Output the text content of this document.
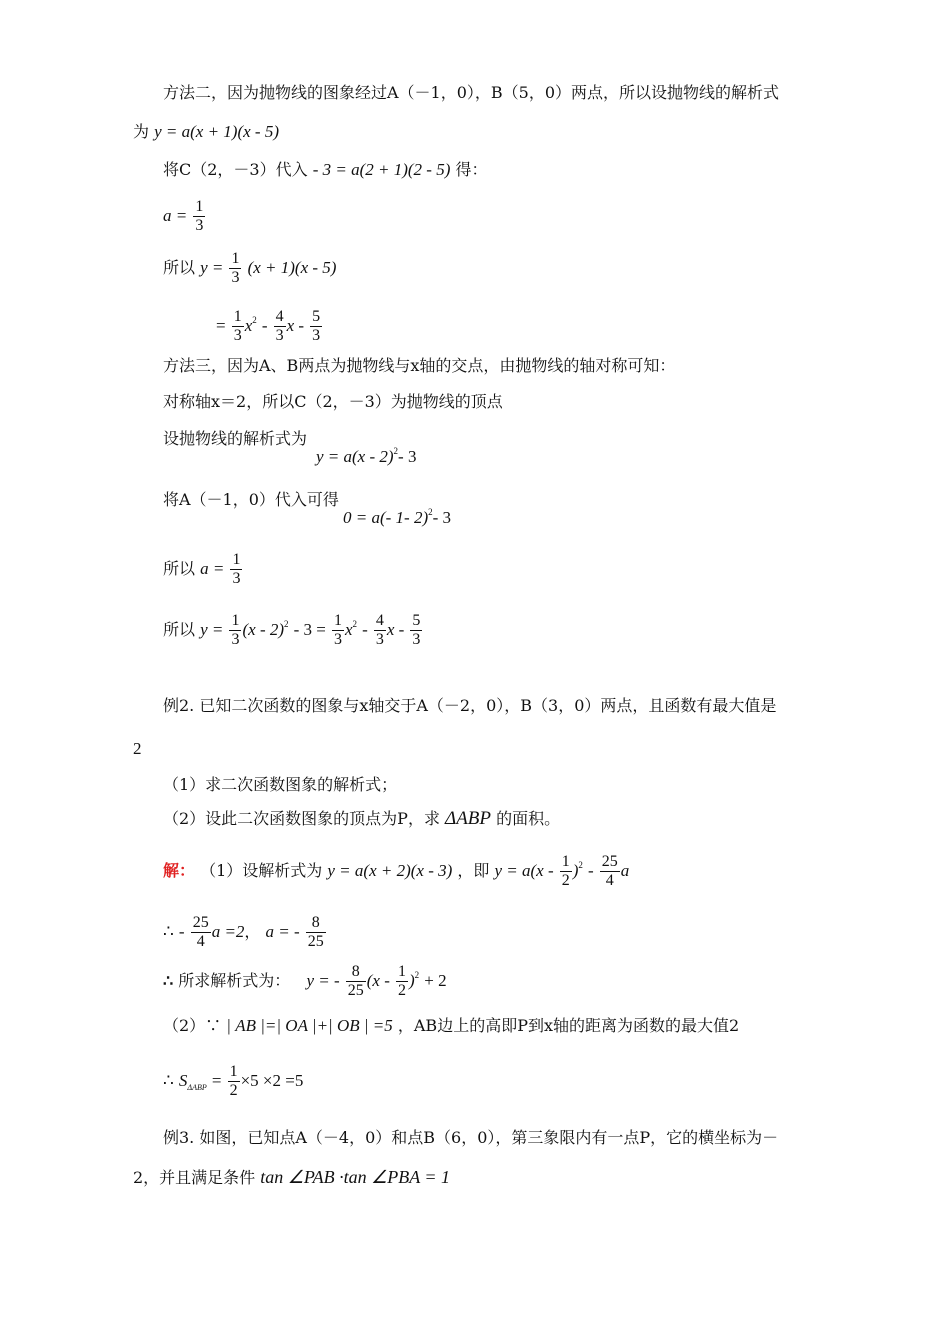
方法二，因为抛物线的图象经过A（－1，0），B（5，0）两点，所以设抛物线的解析式
为 y = a(x + 1)(x - 5)
将C（2，－3）代入 - 3 = a(2 + 1)(2 - 5) 得：
$a = \frac{1}{3}$
所以 $y = \frac{1}{3} (x + 1)(x - 5)$
= $\frac{1}{3} x^2 - \frac{4}{3}$ x - $\frac{5}{3}$
方法三，因为A、B两点为抛物线与x轴的交点，由抛物线的轴对称可知：
对称轴x＝2，所以C（2，－3）为抛物线的顶点
设抛物线的解析式为
y = a(x - 2)$^2$- 3
将A（－1，0）代入可得
0 = a(- 1- 2)$^2$- 3
所以 $a = \frac{1}{3}$
所以 $y = \frac{1}{3} (x - 2)^2 - 3 = \frac{1}{3} x^2 - \frac{4}{3}$ x - $\frac{5}{3}$
例2. 已知二次函数的图象与x轴交于A（－2，0），B（3，0）两点，且函数有最大值是
2
（1）求二次函数图象的解析式；
（2）设此二次函数图象的顶点为P，求 ΔABP 的面积。
解： （1）设解析式为 y = a(x + 2)(x - 3) ，即 $y = a(x - \frac{1}{2} )^2 - \frac{25}{4}$ a
∴ - $\frac{25}{4}$ a =2， a = - $\frac{8}{25}$
∴ 所求解析式为： y = - $\frac{8}{25} (x - \frac{1}{2} )^2 + 2$
（2）∵ | AB |=| OA |+| OB | =5 ，AB边上的高即P到x轴的距离为函数的最大值2
∴ $S_{\Delta ABP} = \frac{1}{2} \times 5 \times 2 =5$
例3. 如图，已知点A（－4，0）和点B（6，0），第三象限内有一点P，它的横坐标为－
2，并且满足条件 tan ∠PAB ·tan ∠PBA = 1
